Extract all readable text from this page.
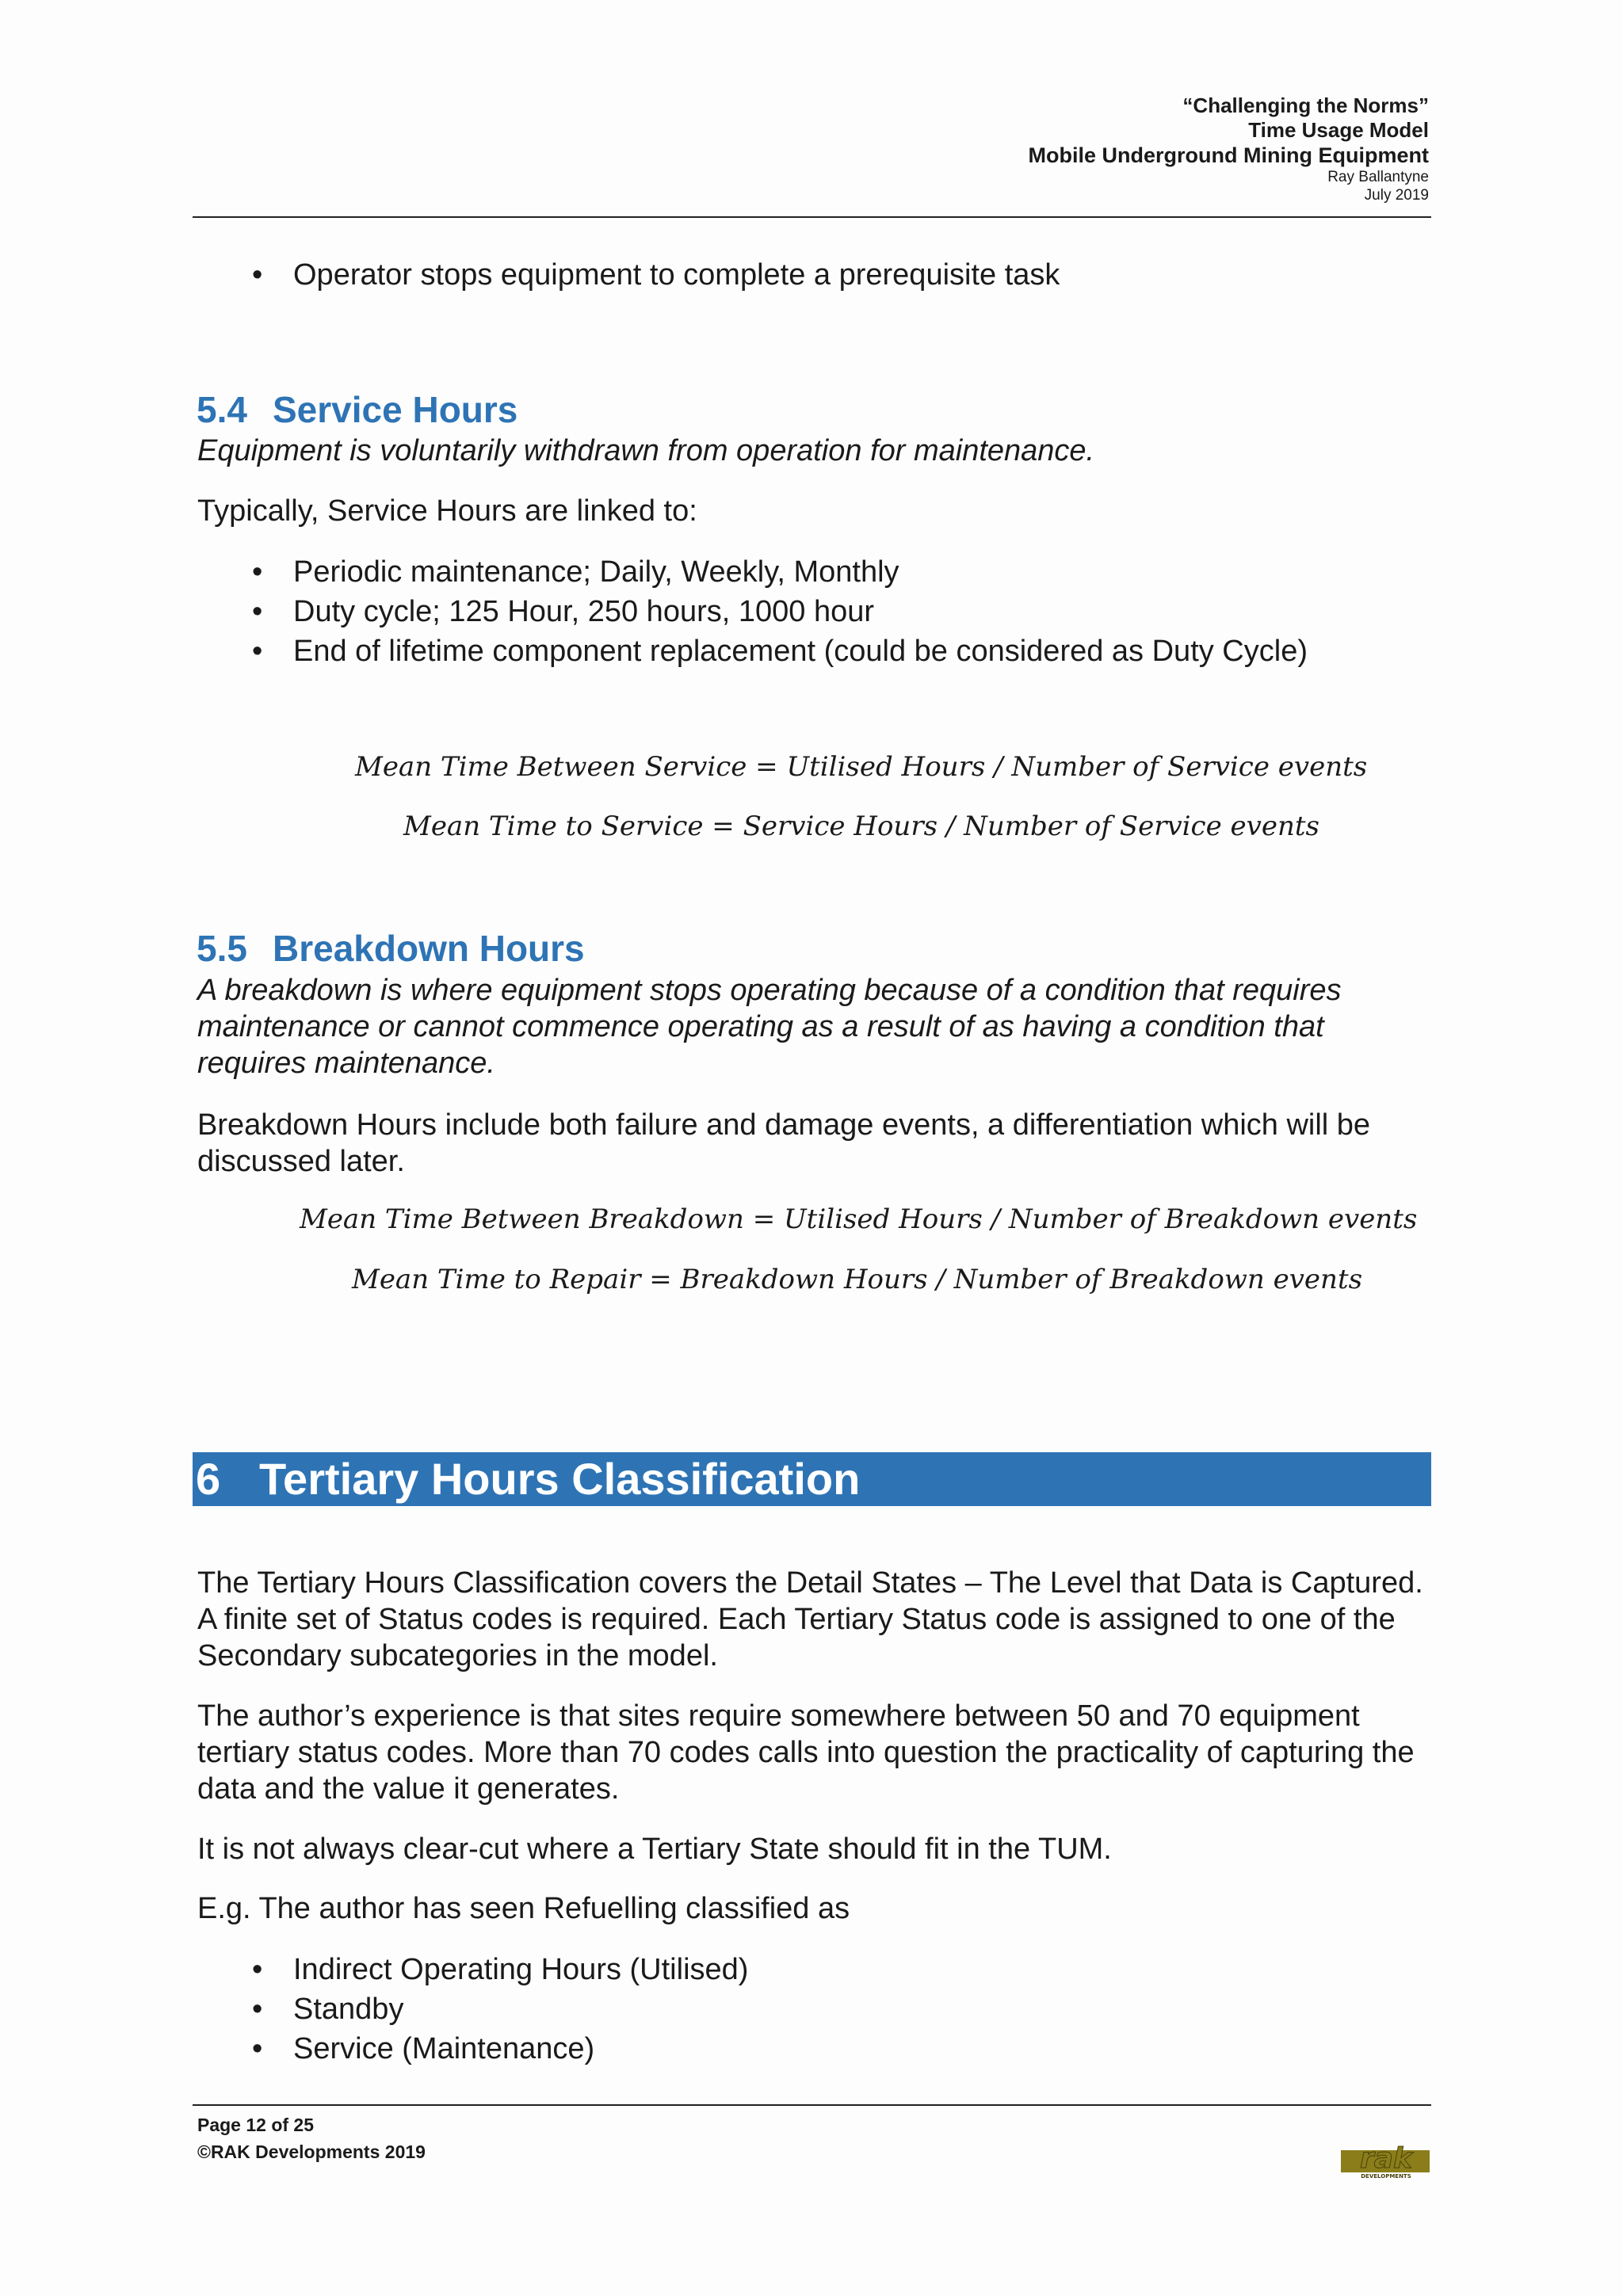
“Challenging the Norms”
Time Usage Model
Mobile Underground Mining Equipment
Ray Ballantyne
July 2019
• Operator stops equipment to complete a prerequisite task
5.4 Service Hours
Equipment is voluntarily withdrawn from operation for maintenance.
Typically, Service Hours are linked to:
• Periodic maintenance; Daily, Weekly, Monthly
• Duty cycle; 125 Hour, 250 hours, 1000 hour
• End of lifetime component replacement (could be considered as Duty Cycle)
Mean Time Between Service = Utilised Hours / Number of Service events
Mean Time to Service = Service Hours / Number of Service events
5.5 Breakdown Hours
A breakdown is where equipment stops operating because of a condition that requires
maintenance or cannot commence operating as a result of as having a condition that
requires maintenance.
Breakdown Hours include both failure and damage events, a differentiation which will be
discussed later.
Mean Time Between Breakdown = Utilised Hours / Number of Breakdown events
Mean Time to Repair = Breakdown Hours / Number of Breakdown events
6 Tertiary Hours Classification
The Tertiary Hours Classification covers the Detail States – The Level that Data is Captured.
A finite set of Status codes is required. Each Tertiary Status code is assigned to one of the
Secondary subcategories in the model.
The author’s experience is that sites require somewhere between 50 and 70 equipment
tertiary status codes. More than 70 codes calls into question the practicality of capturing the
data and the value it generates.
It is not always clear-cut where a Tertiary State should fit in the TUM.
E.g. The author has seen Refuelling classified as
• Indirect Operating Hours (Utilised)
• Standby
• Service (Maintenance)
Page 12 of 25
©RAK Developments 2019	rak
DEVELOPMENTS
